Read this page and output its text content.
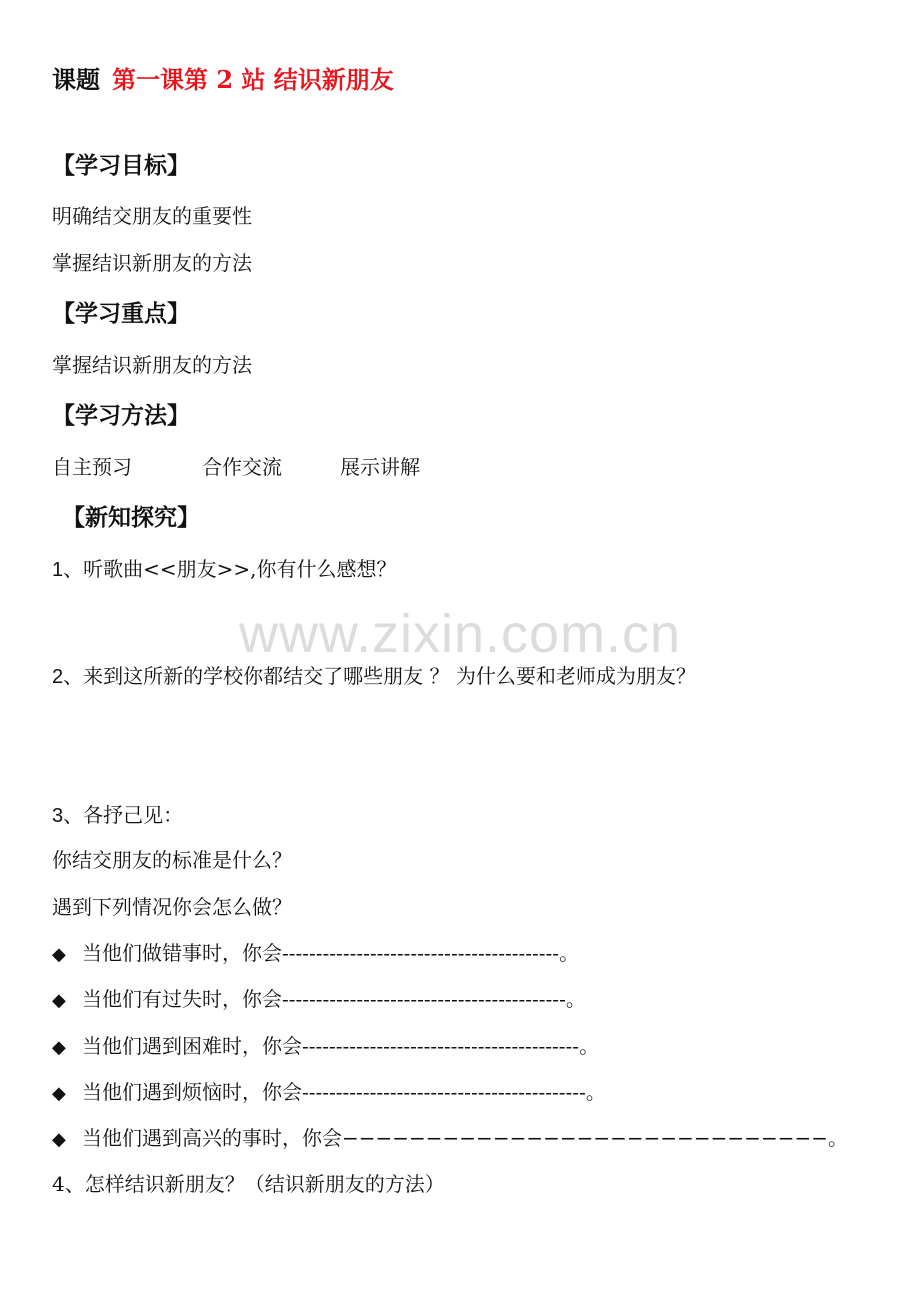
课题 第一课第 2 站 结识新朋友
【学习目标】
明确结交朋友的重要性
掌握结识新朋友的方法
【学习重点】
掌握结识新朋友的方法
【学习方法】
自主预习	合作交流	展示讲解
【新知探究】
1、听歌曲<<朋友>>,你有什么感想？
www.zixin.com.cn
2、来到这所新的学校你都结交了哪些朋友 ？ 为什么要和老师成为朋友？
3、各抒己见：
你结交朋友的标准是什么？
遇到下列情况你会怎么做？
◆ 当他们做错事时，你会-----------------------------------------。
◆ 当他们有过失时，你会------------------------------------------。
◆ 当他们遇到困难时，你会-----------------------------------------。
◆ 当他们遇到烦恼时，你会------------------------------------------。
◆ 当他们遇到高兴的事时，你会−−−−−−−−−−−−−−−−−−−−−−−−−−−−−。
4、怎样结识新朋友？（结识新朋友的方法）
